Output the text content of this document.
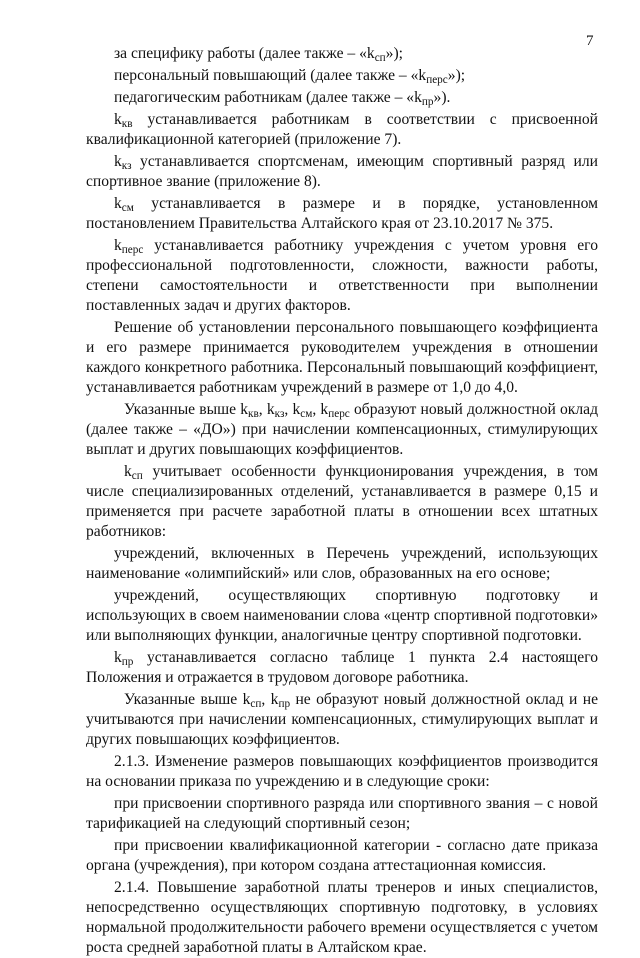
7

за специфику работы (далее также – «$k_{сп}$»);

персональный повышающий (далее также – «$k_{перс}$»);

педагогическим работникам (далее также – «$k_{пр}$»).

$k_{кв}$ устанавливается работникам в соответствии с присвоенной квалификационной категорией (приложение 7).

$k_{кз}$ устанавливается спортсменам, имеющим спортивный разряд или спортивное звание (приложение 8).

$k_{см}$ устанавливается в размере и в порядке, установленном постановлением Правительства Алтайского края от 23.10.2017 № 375.

$k_{перс}$ устанавливается работнику учреждения с учетом уровня его профессиональной подготовленности, сложности, важности работы, степени самостоятельности и ответственности при выполнении поставленных задач и других факторов.

Решение об установлении персонального повышающего коэффициента и его размере принимается руководителем учреждения в отношении каждого конкретного работника. Персональный повышающий коэффициент, устанавливается работникам учреждений в размере от 1,0 до 4,0.

Указанные выше $k_{кв}$, $k_{кз}$, $k_{см}$, $k_{перс}$ образуют новый должностной оклад (далее также – «ДО») при начислении компенсационных, стимулирующих выплат и других повышающих коэффициентов.

$k_{сп}$ учитывает особенности функционирования учреждения, в том числе специализированных отделений, устанавливается в размере 0,15 и применяется при расчете заработной платы в отношении всех штатных работников:

учреждений, включенных в Перечень учреждений, использующих наименование «олимпийский» или слов, образованных на его основе;

учреждений, осуществляющих спортивную подготовку и использующих в своем наименовании слова «центр спортивной подготовки» или выполняющих функции, аналогичные центру спортивной подготовки.

$k_{пр}$ устанавливается согласно таблице 1 пункта 2.4 настоящего Положения и отражается в трудовом договоре работника.

Указанные выше $k_{сп}$, $k_{пр}$ не образуют новый должностной оклад и не учитываются при начислении компенсационных, стимулирующих выплат и других повышающих коэффициентов.

2.1.3. Изменение размеров повышающих коэффициентов производится на основании приказа по учреждению и в следующие сроки:

при присвоении спортивного разряда или спортивного звания – с новой тарификацией на следующий спортивный сезон;

при присвоении квалификационной категории - согласно дате приказа органа (учреждения), при котором создана аттестационная комиссия.

2.1.4. Повышение заработной платы тренеров и иных специалистов, непосредственно осуществляющих спортивную подготовку, в условиях нормальной продолжительности рабочего времени осуществляется с учетом роста средней заработной платы в Алтайском крае.
